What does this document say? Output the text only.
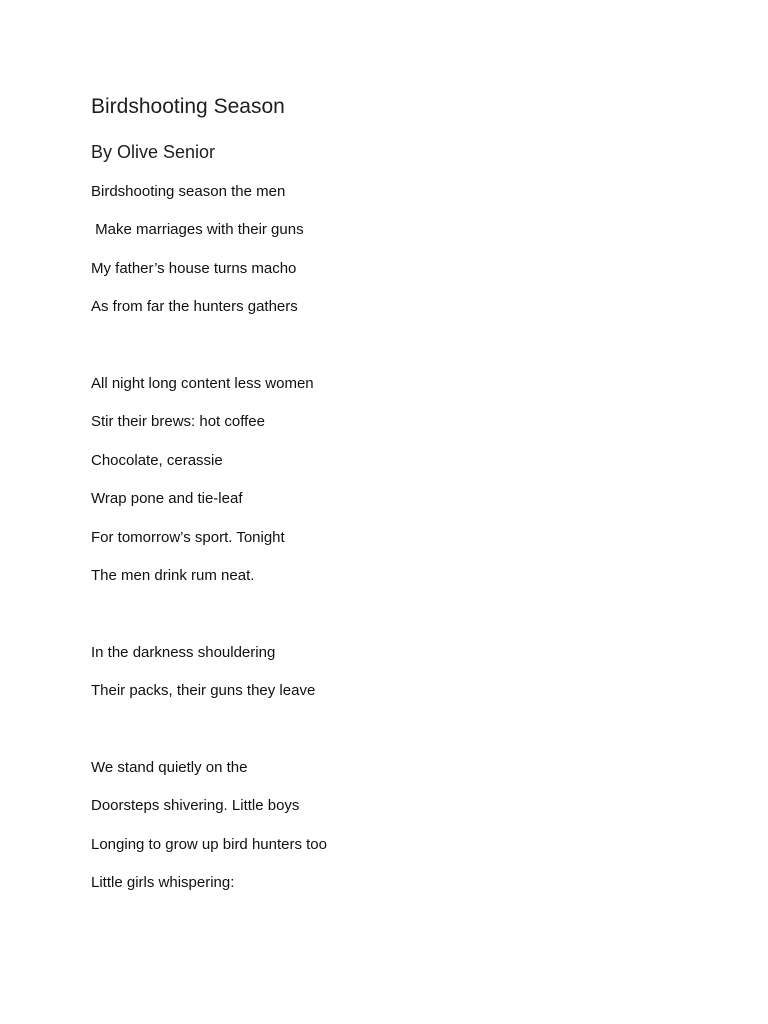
Birdshooting Season
By Olive Senior
Birdshooting season the men
Make marriages with their guns
My father’s house turns macho
As from far the hunters gathers
All night long content less women
Stir their brews: hot coffee
Chocolate, cerassie
Wrap pone and tie-leaf
For tomorrow’s sport. Tonight
The men drink rum neat.
In the darkness shouldering
Their packs, their guns they leave
We stand quietly on the
Doorsteps shivering. Little boys
Longing to grow up bird hunters too
Little girls whispering:
